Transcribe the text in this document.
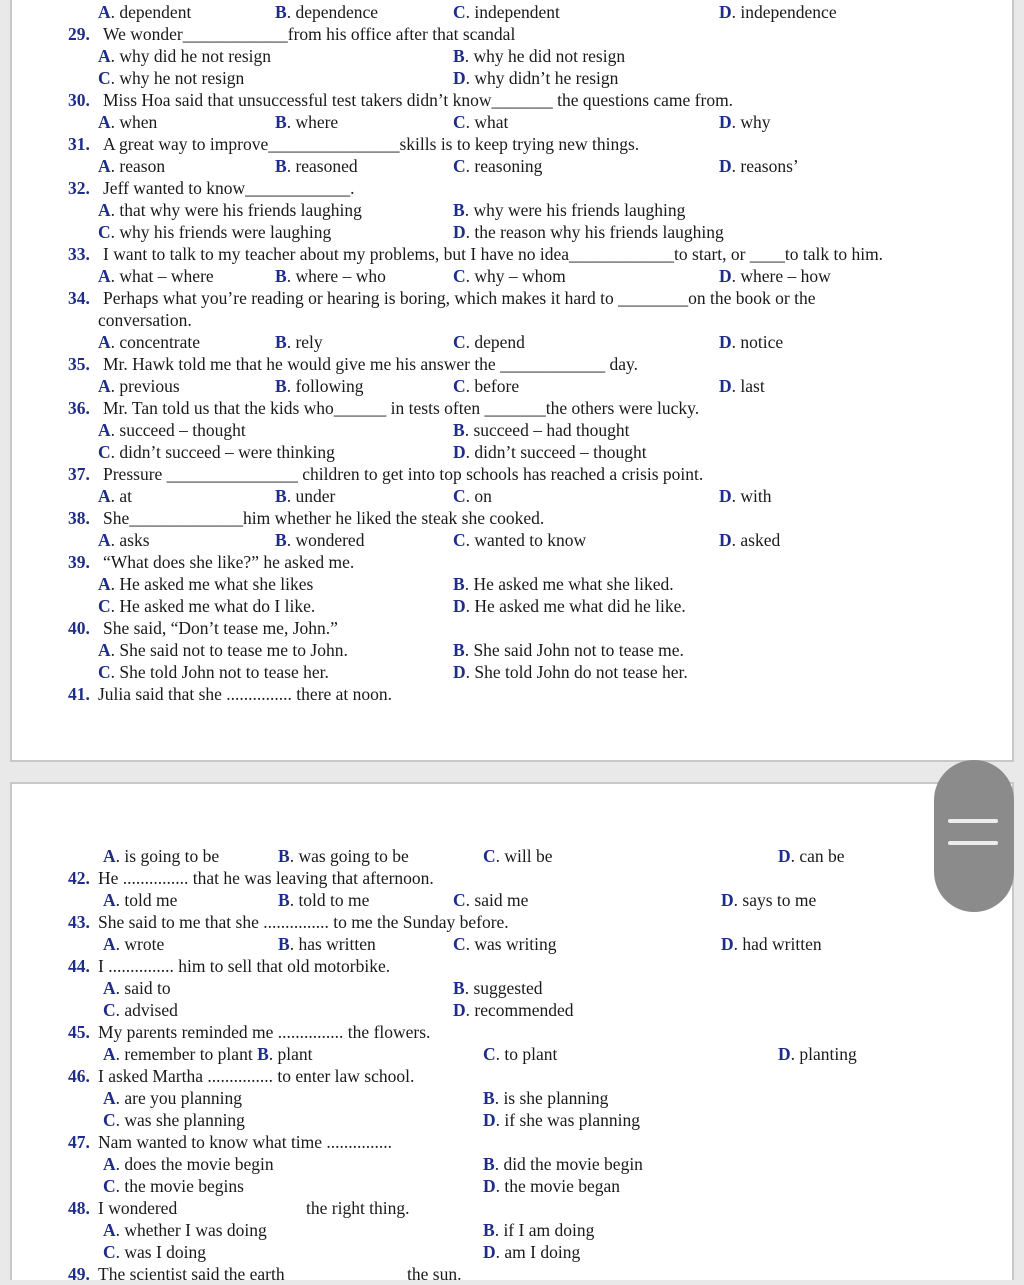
A. dependent	B. dependence	C. independent	D. independence
29. We wonder____________from his office after that scandal
A. why did he not resign	B. why he did not resign
C. why he not resign	D. why didn’t he resign
30. Miss Hoa said that unsuccessful test takers didn’t know_______ the questions came from.
A. when	B. where	C. what	D. why
31. A great way to improve_______________skills is to keep trying new things.
A. reason	B. reasoned	C. reasoning	D. reasons’
32. Jeff wanted to know____________.
A. that why were his friends laughing	B. why were his friends laughing
C. why his friends were laughing	D. the reason why his friends laughing
33. I want to talk to my teacher about my problems, but I have no idea____________to start, or ____to talk to him.
A. what – where	B. where – who	C. why – whom	D. where – how
34. Perhaps what you’re reading or hearing is boring, which makes it hard to ________on the book or the
conversation.
A. concentrate	B. rely	C. depend	D. notice
35. Mr. Hawk told me that he would give me his answer the ____________ day.
A. previous	B. following	C. before	D. last
36. Mr. Tan told us that the kids who______ in tests often _______the others were lucky.
A. succeed – thought	B. succeed – had thought
C. didn’t succeed – were thinking	D. didn’t succeed – thought
37. Pressure _______________ children to get into top schools has reached a crisis point.
A. at	B. under	C. on	D. with
38. She_____________him whether he liked the steak she cooked.
A. asks	B. wondered	C. wanted to know	D. asked
39. “What does she like?” he asked me.
A. He asked me what she likes	B. He asked me what she liked.
C. He asked me what do I like.	D. He asked me what did he like.
40. She said, “Don’t tease me, John.”
A. She said not to tease me to John.	B. She said John not to tease me.
C. She told John not to tease her.	D. She told John do not tease her.
41. Julia said that she ............... there at noon.
A. is going to be	B. was going to be	C. will be	D. can be
42. He ............... that he was leaving that afternoon.
A. told me	B. told to me	C. said me	D. says to me
43. She said to me that she ............... to me the Sunday before.
A. wrote	B. has written	C. was writing	D. had written
44. I ............... him to sell that old motorbike.
A. said to	B. suggested
C. advised	D. recommended
45. My parents reminded me ............... the flowers.
A. remember to plant B. plant	C. to plant	D. planting
46. I asked Martha ............... to enter law school.
A. are you planning	B. is she planning
C. was she planning	D. if she was planning
47. Nam wanted to know what time ...............
A. does the movie begin	B. did the movie begin
C. the movie begins	D. the movie began
48. I wondered	the right thing.
A. whether I was doing	B. if I am doing
C. was I doing	D. am I doing
49. The scientist said the earth	the sun.
